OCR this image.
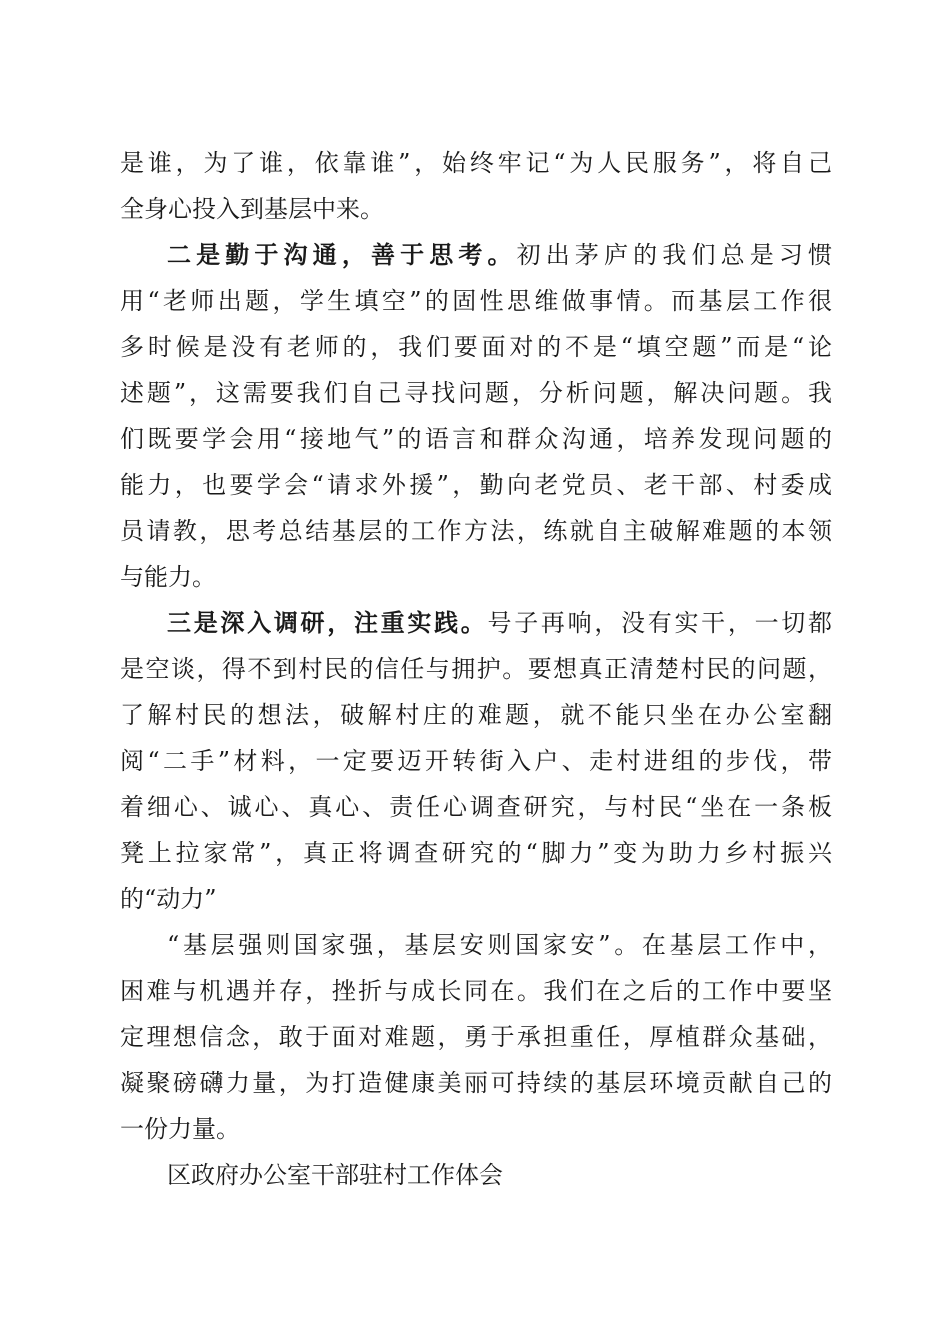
是谁，为了谁，依靠谁”，始终牢记“为人民服务”，将自己
全身心投入到基层中来。
二是勤于沟通，善于思考。初出茅庐的我们总是习惯
用“老师出题，学生填空”的固性思维做事情。而基层工作很
多时候是没有老师的，我们要面对的不是“填空题”而是“论
述题”，这需要我们自己寻找问题，分析问题，解决问题。我
们既要学会用“接地气”的语言和群众沟通，培养发现问题的
能力，也要学会“请求外援”，勤向老党员、老干部、村委成
员请教，思考总结基层的工作方法，练就自主破解难题的本领
与能力。
三是深入调研，注重实践。号子再响，没有实干，一切都
是空谈，得不到村民的信任与拥护。要想真正清楚村民的问题，
了解村民的想法，破解村庄的难题，就不能只坐在办公室翻
阅“二手”材料，一定要迈开转街入户、走村进组的步伐，带
着细心、诚心、真心、责任心调查研究，与村民“坐在一条板
凳上拉家常”，真正将调查研究的“脚力”变为助力乡村振兴
的“动力”
“基层强则国家强，基层安则国家安”。在基层工作中，
困难与机遇并存，挫折与成长同在。我们在之后的工作中要坚
定理想信念，敢于面对难题，勇于承担重任，厚植群众基础，
凝聚磅礴力量，为打造健康美丽可持续的基层环境贡献自己的
一份力量。
区政府办公室干部驻村工作体会
